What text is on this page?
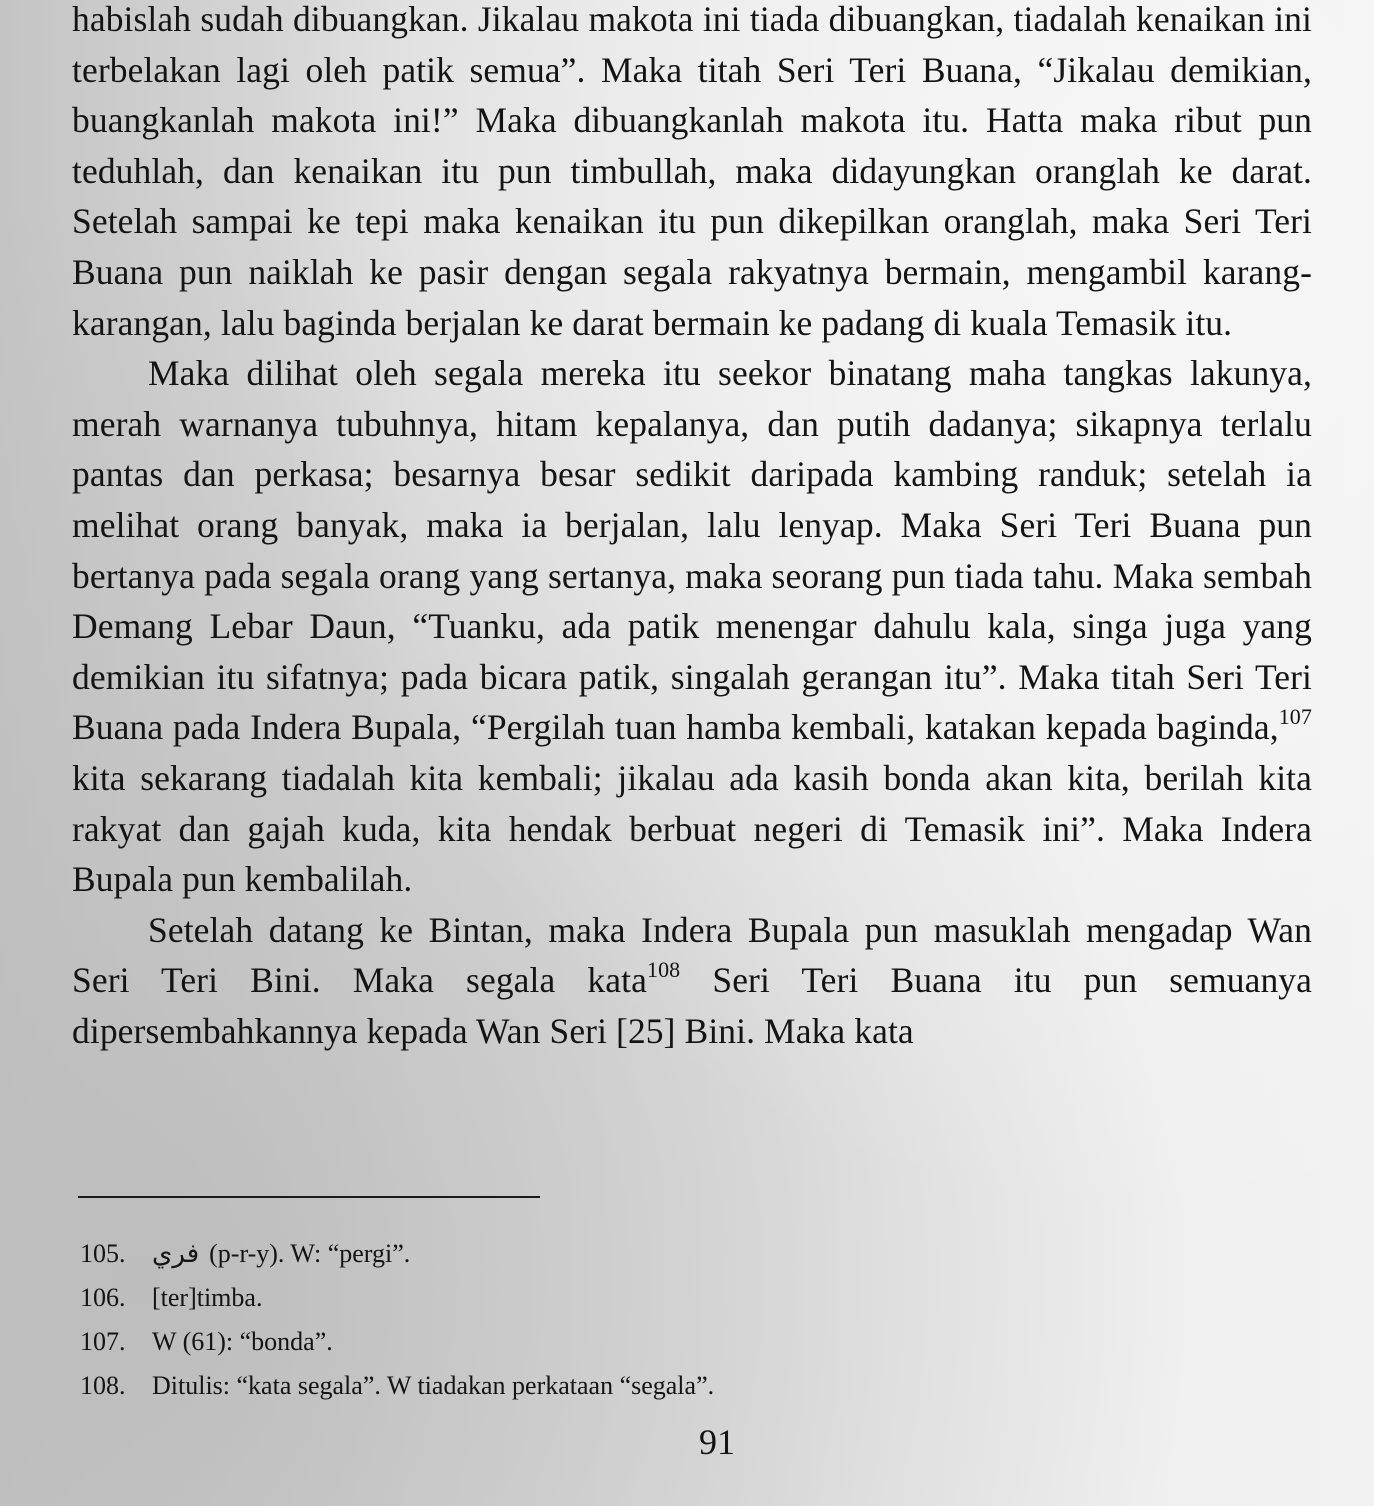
habislah sudah dibuangkan. Jikalau makota ini tiada dibuangkan, tiadalah kenaikan ini terbelakan lagi oleh patik semua”. Maka titah Seri Teri Buana, “Jikalau demikian, buangkanlah makota ini!” Maka dibuangkanlah makota itu. Hatta maka ribut pun teduhlah, dan kenaikan itu pun timbullah, maka didayungkan oranglah ke darat. Setelah sampai ke tepi maka kenaikan itu pun dikepilkan oranglah, maka Seri Teri Buana pun naiklah ke pasir dengan segala rakyatnya bermain, mengambil karang-karangan, lalu baginda berjalan ke darat bermain ke padang di kuala Temasik itu.

Maka dilihat oleh segala mereka itu seekor binatang maha tangkas lakunya, merah warnanya tubuhnya, hitam kepalanya, dan putih dadanya; sikapnya terlalu pantas dan perkasa; besarnya besar sedikit daripada kambing randuk; setelah ia melihat orang banyak, maka ia berjalan, lalu lenyap. Maka Seri Teri Buana pun bertanya pada segala orang yang sertanya, maka seorang pun tiada tahu. Maka sembah Demang Lebar Daun, “Tuanku, ada patik menengar dahulu kala, singa juga yang demikian itu sifatnya; pada bicara patik, singalah gerangan itu”. Maka titah Seri Teri Buana pada Indera Bupala, “Pergilah tuan hamba kembali, katakan kepada baginda,$^{107}$ kita sekarang tiadalah kita kembali; jikalau ada kasih bonda akan kita, berilah kita rakyat dan gajah kuda, kita hendak berbuat negeri di Temasik ini”. Maka Indera Bupala pun kembalilah.

Setelah datang ke Bintan, maka Indera Bupala pun masuklah mengadap Wan Seri Teri Bini. Maka segala kata$^{108}$ Seri Teri Buana itu pun semuanya dipersembahkannya kepada Wan Seri [25] Bini. Maka kata

105.	فري (p-r-y). W: “pergi”.
106.	[ter]timba.
107.	W (61): “bonda”.
108.	Ditulis: “kata segala”. W tiadakan perkataan “segala”.
91
